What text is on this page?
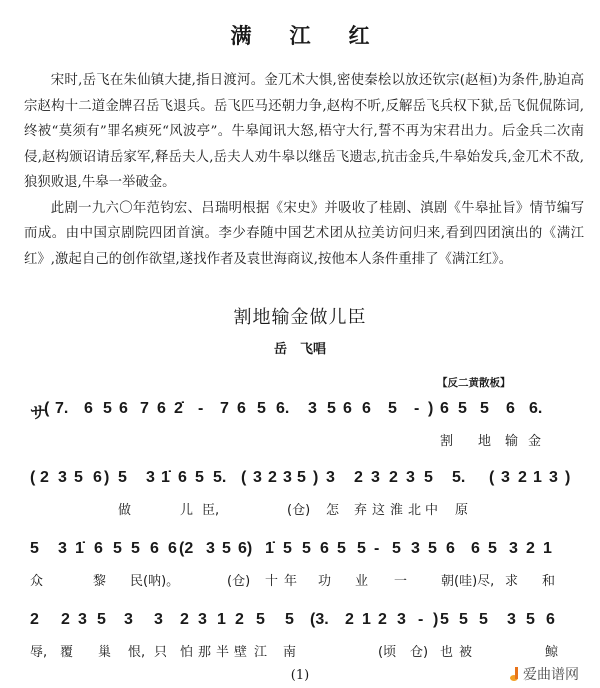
满江红

宋时,岳飞在朱仙镇大捷,指日渡河。金兀术大惧,密使秦桧以放还钦宗(赵桓)为条件,胁迫高宗赵构十二道金牌召岳飞退兵。岳飞匹马还朝力争,赵构不听,反解岳飞兵权下狱,岳飞侃侃陈词,终被“莫须有”罪名瘐死“风波亭”。牛皋闻讯大怒,梧守大行,誓不再为宋君出力。后金兵二次南侵,赵构颁诏请岳家军,释岳夫人,岳夫人劝牛皋以继岳飞遗志,抗击金兵,牛皋始发兵,金兀术不敌,狼狈败退,牛皋一举破金。

此剧一九六〇年范钧宏、吕瑞明根据《宋史》并吸收了桂剧、滇剧《牛皋扯旨》情节编写而成。由中国京剧院四团首演。李少春随中国艺术团从拉美访问归来,看到四团演出的《满江红》,激起自己的创作欲望,遂找作者及袁世海商议,按他本人条件重排了《满江红》。

割地输金做儿臣
岳　飞唱
【反二黄散板】
サ
( 7. 6 5 6 7 6 2̇ - 7 6 5 6. 3 5 6 6 5 - ) 6 5 5 6 6.
割 地 输 金
( 2 3 5 6 ) 5 3 1̇ 6 5 5. ( 3 2 3 5 ) 3 2 3 2 3 5 5. ( 3 2 1 3 )
做	儿 臣,	(仓) 怎 弃 这 淮 北 中 原
5 3 1̇ 6 5 5 6 6 (2 3 5 6) 1̇ 5 5 6 5 5 - 5 3 5 6 6 5 3 2 1
众	黎 民(呐)。	(仓) 十 年 功 业 一	朝(哇)尽, 求 和
2 2 3 5 3 3 2 3 1 2 5 5 (3. 2 1 2 3 - ) 5 5 5 3 5 6
辱, 覆 巢 恨, 只 怕 那 半 壁 江 南	(顷 仓) 也 被	鲸
(1)	爱曲谱网
